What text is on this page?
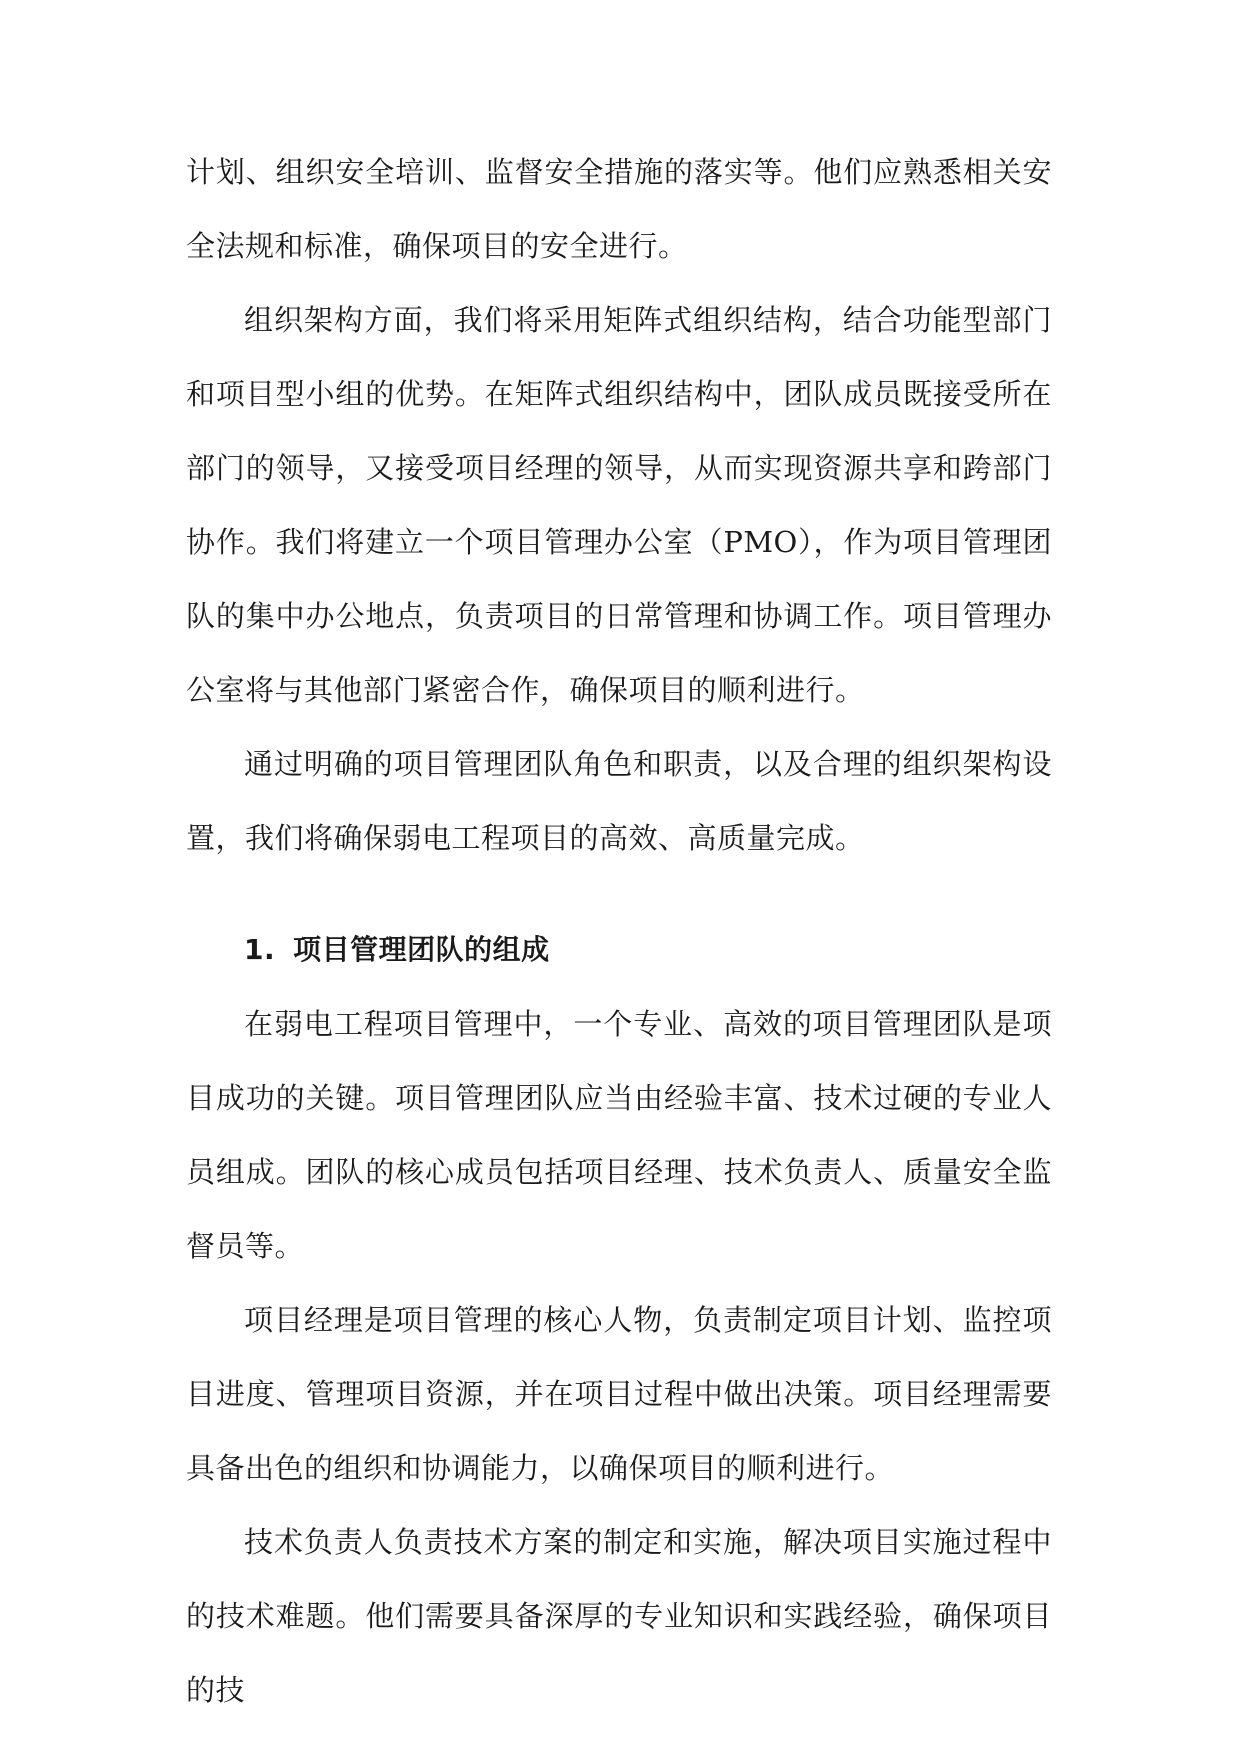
计划、组织安全培训、监督安全措施的落实等。他们应熟悉相关安全法规和标准，确保项目的安全进行。

组织架构方面，我们将采用矩阵式组织结构，结合功能型部门和项目型小组的优势。在矩阵式组织结构中，团队成员既接受所在部门的领导，又接受项目经理的领导，从而实现资源共享和跨部门协作。我们将建立一个项目管理办公室（PMO），作为项目管理团队的集中办公地点，负责项目的日常管理和协调工作。项目管理办公室将与其他部门紧密合作，确保项目的顺利进行。

通过明确的项目管理团队角色和职责，以及合理的组织架构设置，我们将确保弱电工程项目的高效、高质量完成。

1. 项目管理团队的组成

在弱电工程项目管理中，一个专业、高效的项目管理团队是项目成功的关键。项目管理团队应当由经验丰富、技术过硬的专业人员组成。团队的核心成员包括项目经理、技术负责人、质量安全监督员等。

项目经理是项目管理的核心人物，负责制定项目计划、监控项目进度、管理项目资源，并在项目过程中做出决策。项目经理需要具备出色的组织和协调能力，以确保项目的顺利进行。

技术负责人负责技术方案的制定和实施，解决项目实施过程中的技术难题。他们需要具备深厚的专业知识和实践经验，确保项目的技
